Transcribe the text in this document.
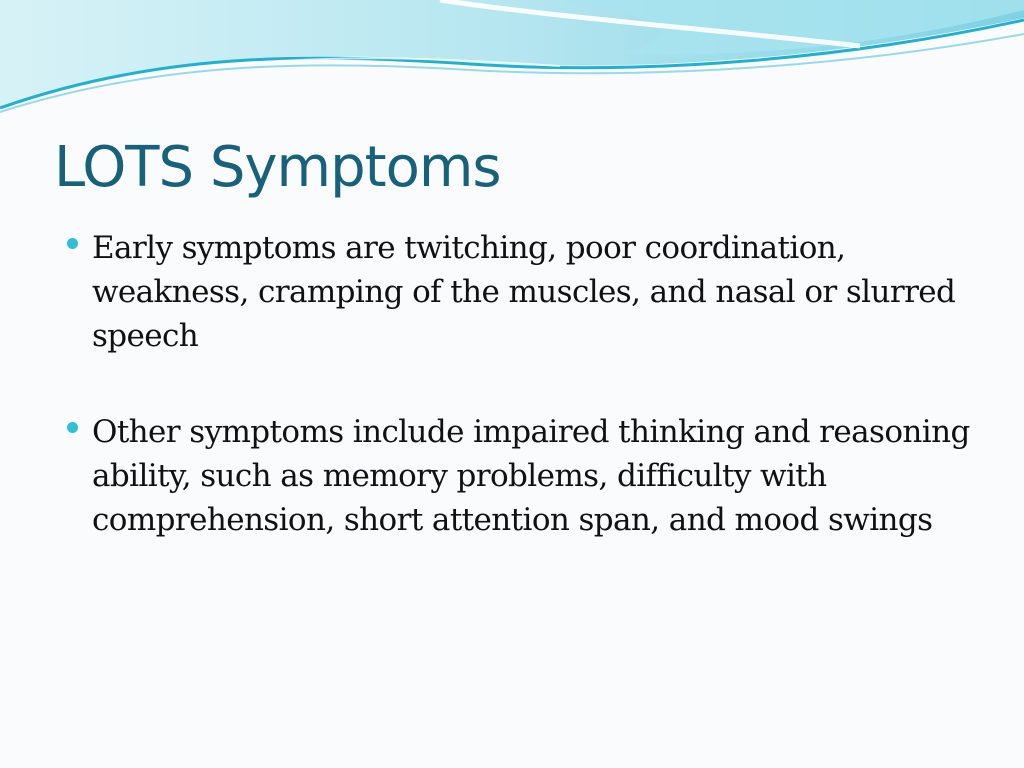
LOTS Symptoms
Early symptoms are twitching, poor coordination, weakness, cramping of the muscles, and nasal or slurred speech
Other symptoms include impaired thinking and reasoning ability, such as memory problems, difficulty with comprehension, short attention span, and mood swings
